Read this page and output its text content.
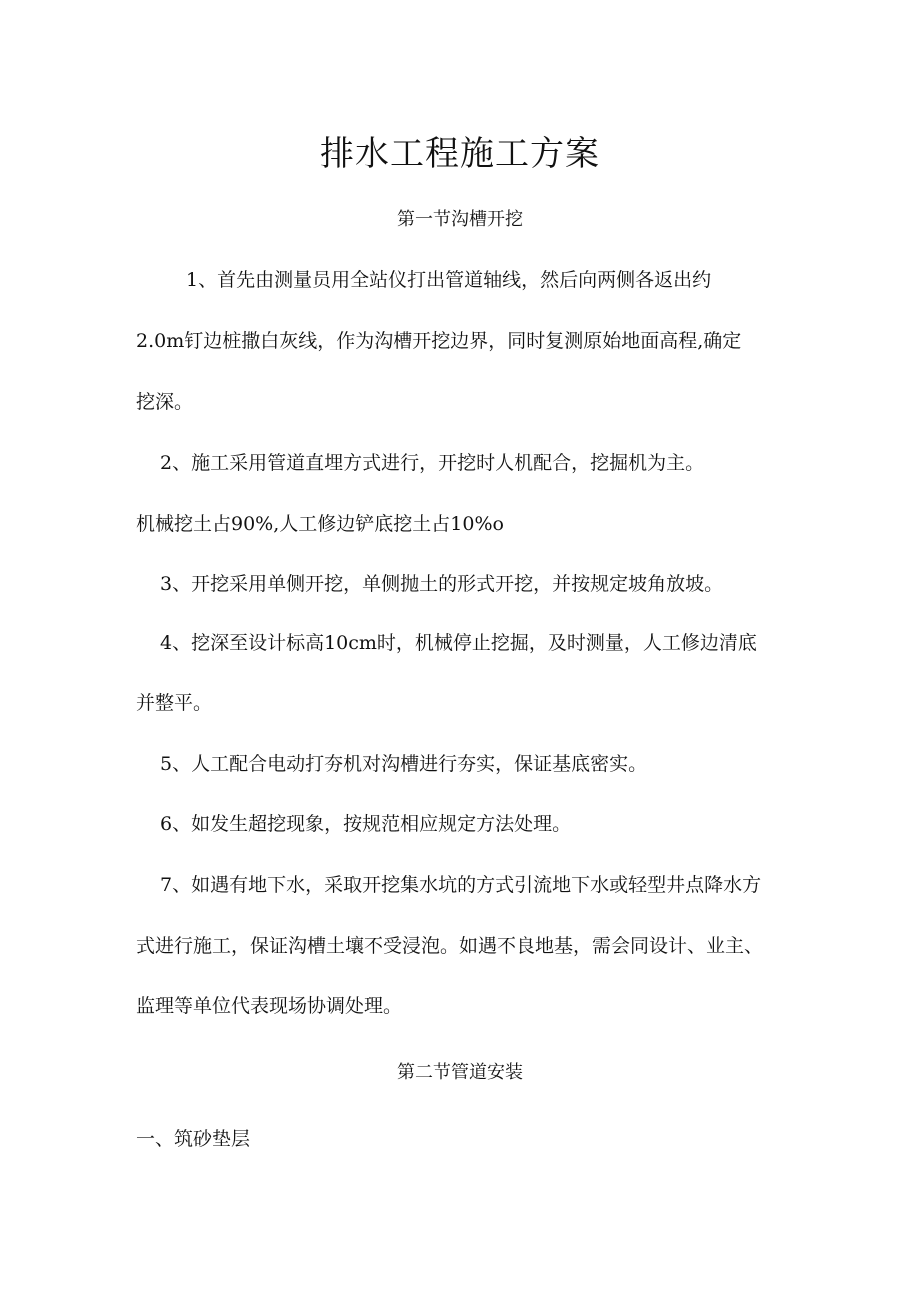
排水工程施工方案
第一节沟槽开挖
1、首先由测量员用全站仪打出管道轴线，然后向两侧各返出约
2.0m钉边桩撒白灰线，作为沟槽开挖边界，同时复测原始地面高程,确定
挖深。
2、施工采用管道直埋方式进行，开挖时人机配合，挖掘机为主。
机械挖土占90%,人工修边铲底挖土占10%o
3、开挖采用单侧开挖，单侧抛土的形式开挖，并按规定坡角放坡。
4、挖深至设计标高10cm时，机械停止挖掘，及时测量，人工修边清底
并整平。
5、人工配合电动打夯机对沟槽进行夯实，保证基底密实。
6、如发生超挖现象，按规范相应规定方法处理。
7、如遇有地下水，采取开挖集水坑的方式引流地下水或轻型井点降水方
式进行施工，保证沟槽土壤不受浸泡。如遇不良地基，需会同设计、业主、
监理等单位代表现场协调处理。
第二节管道安装
一、筑砂垫层
